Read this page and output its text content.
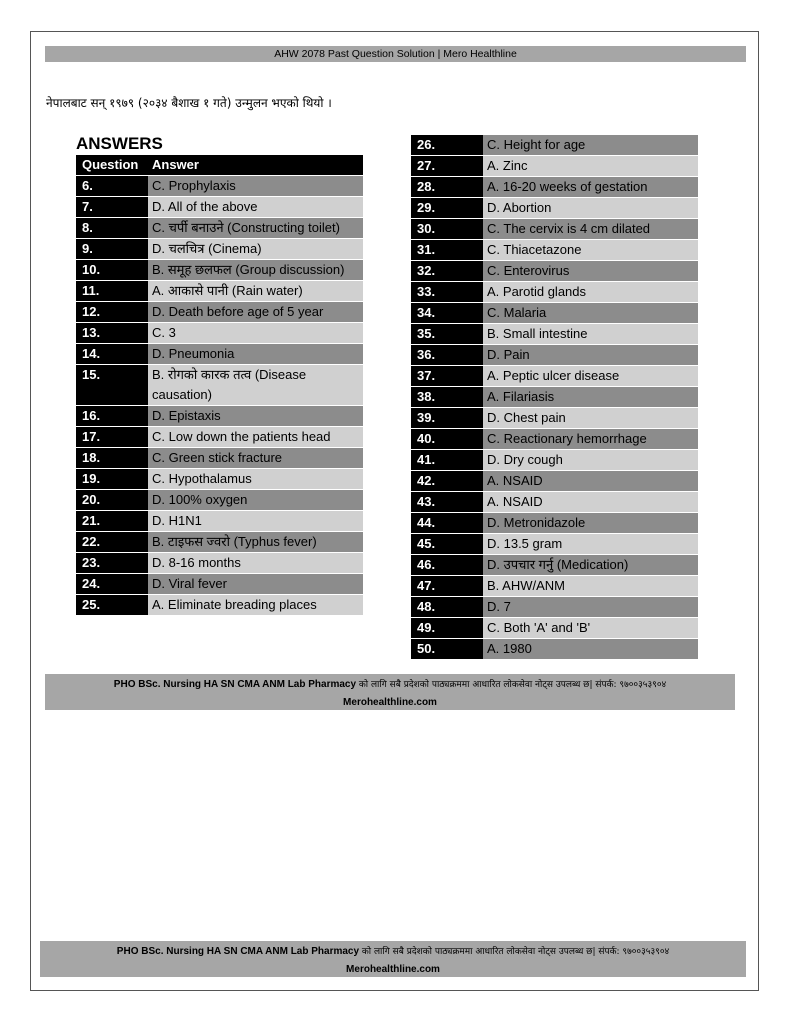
AHW 2078 Past Question Solution | Mero Healthline
नेपालबाट सन् १९७९ (२०३४ बैशाख १ गते) उन्मुलन भएको थियो ।
ANSWERS
Question	Answer
6.	C. Prophylaxis
7.	D. All of the above
8.	C. चर्पी बनाउने (Constructing toilet)
9.	D. चलचित्र (Cinema)
10.	B. समूह छलफल (Group discussion)
11.	A. आकासे पानी (Rain water)
12.	D. Death before age of 5 year
13.	C. 3
14.	D. Pneumonia
15.	B. रोगको कारक तत्व (Disease causation)
16.	D. Epistaxis
17.	C. Low down the patients head
18.	C. Green stick fracture
19.	C. Hypothalamus
20.	D. 100% oxygen
21.	D. H1N1
22.	B. टाइफस ज्वरो (Typhus fever)
23.	D. 8-16 months
24.	D. Viral fever
25.	A. Eliminate breading places
26.	C. Height for age
27.	A. Zinc
28.	A. 16-20 weeks of gestation
29.	D. Abortion
30.	C. The cervix is 4 cm dilated
31.	C. Thiacetazone
32.	C. Enterovirus
33.	A. Parotid glands
34.	C. Malaria
35.	B. Small intestine
36.	D. Pain
37.	A. Peptic ulcer disease
38.	A. Filariasis
39.	D. Chest pain
40.	C. Reactionary hemorrhage
41.	D. Dry cough
42.	A. NSAID
43.	A. NSAID
44.	D. Metronidazole
45.	D. 13.5 gram
46.	D. उपचार गर्नु (Medication)
47.	B. AHW/ANM
48.	D. 7
49.	C. Both 'A' and 'B'
50.	A. 1980

PHO BSc. Nursing HA SN CMA ANM Lab Pharmacy को लागि सबै प्रदेशको पाठ्यक्रममा आधारित लोकसेवा नोट्स उपलब्ध छ| संपर्क: ९७००३५३९०४
Merohealthline.com
PHO BSc. Nursing HA SN CMA ANM Lab Pharmacy को लागि सबै प्रदेशको पाठ्यक्रममा आधारित लोकसेवा नोट्स उपलब्ध छ| संपर्क: ९७००३५३९०४
Merohealthline.com
